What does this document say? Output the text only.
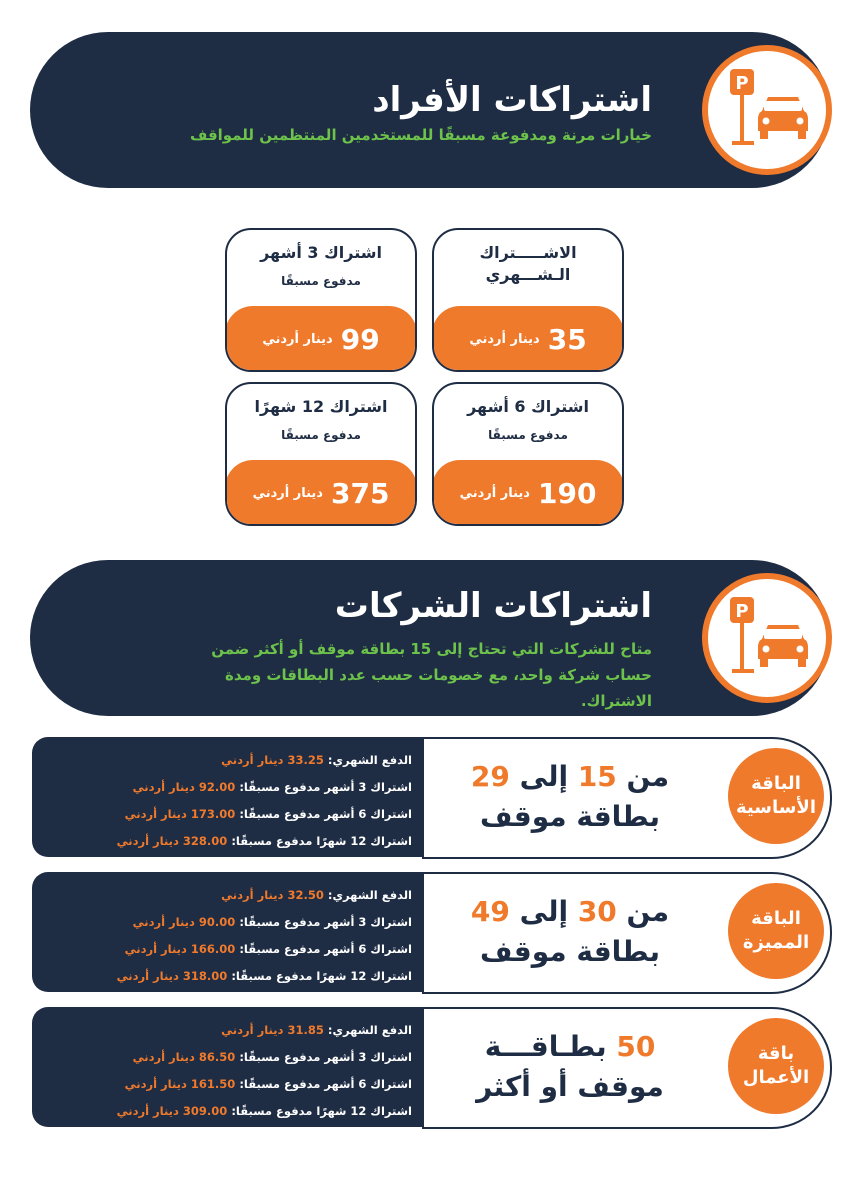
P
اشتراكات الأفراد
خيارات مرنة ومدفوعة مسبقًا للمستخدمين المنتظمين للمواقف
الاشـــــتراك الـشـــهري
35
دينار أردني
اشتراك 3 أشهر
مدفوع مسبقًا
99
دينار أردني
اشتراك 6 أشهر
مدفوع مسبقًا
190
دينار أردني
اشتراك 12 شهرًا
مدفوع مسبقًا
375
دينار أردني
P
اشتراكات الشركات
متاح للشركات التي تحتاج إلى 15 بطاقة موقف أو أكثر ضمن حساب شركة واحد، مع خصومات حسب عدد البطاقات ومدة الاشتراك.
الدفع الشهري: 33.25 دينار أردني
اشتراك 3 أشهر مدفوع مسبقًا: 92.00 دينار أردني
اشتراك 6 أشهر مدفوع مسبقًا: 173.00 دينار أردني
اشتراك 12 شهرًا مدفوع مسبقًا: 328.00 دينار أردني
من 15 إلى 29
بطاقة موقف
الباقة الأساسية
الدفع الشهري: 32.50 دينار أردني
اشتراك 3 أشهر مدفوع مسبقًا: 90.00 دينار أردني
اشتراك 6 أشهر مدفوع مسبقًا: 166.00 دينار أردني
اشتراك 12 شهرًا مدفوع مسبقًا: 318.00 دينار أردني
من 30 إلى 49
بطاقة موقف
الباقة المميزة
الدفع الشهري: 31.85 دينار أردني
اشتراك 3 أشهر مدفوع مسبقًا: 86.50 دينار أردني
اشتراك 6 أشهر مدفوع مسبقًا: 161.50 دينار أردني
اشتراك 12 شهرًا مدفوع مسبقًا: 309.00 دينار أردني
50 بطـاقـــة
موقف أو أكثر
باقة الأعمال
